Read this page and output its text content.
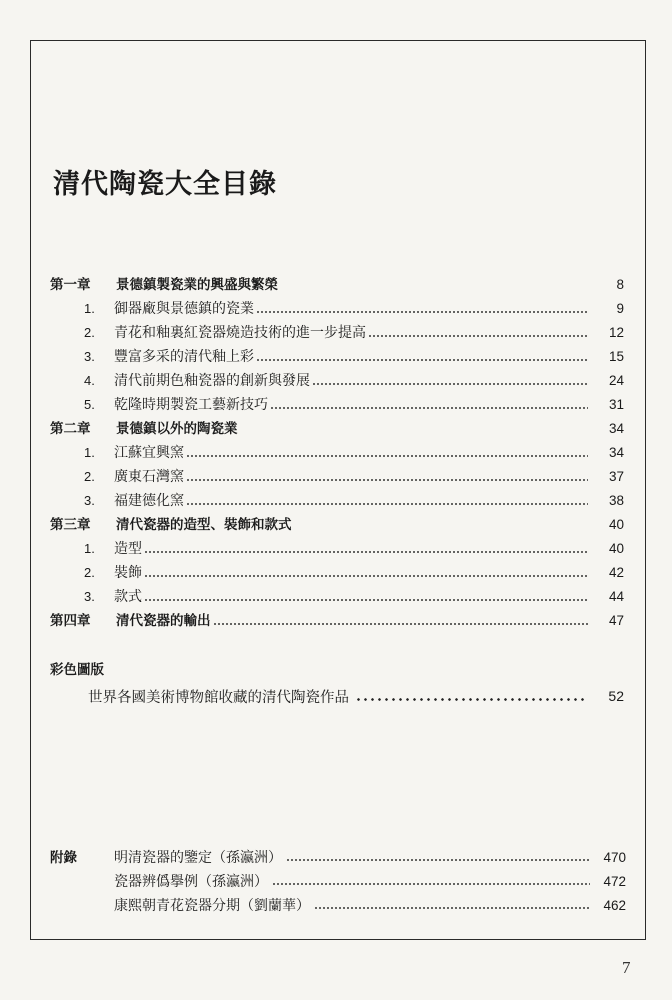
清代陶瓷大全目錄
第一章	景德鎮製瓷業的興盛與繁榮	8
1.	御器廠與景德鎮的瓷業	9
2.	青花和釉裏紅瓷器燒造技術的進一步提高	12
3.	豐富多采的清代釉上彩	15
4.	清代前期色釉瓷器的創新與發展	24
5.	乾隆時期製瓷工藝新技巧	31
第二章	景德鎮以外的陶瓷業	34
1.	江蘇宜興窯	34
2.	廣東石灣窯	37
3.	福建德化窯	38
第三章	清代瓷器的造型、裝飾和款式	40
1.	造型	40
2.	裝飾	42
3.	款式	44
第四章	清代瓷器的輸出	47
彩色圖版
世界各國美術博物館收藏的清代陶瓷作品	52
附錄	明清瓷器的鑒定（孫瀛洲）	470
瓷器辨僞擧例（孫瀛洲）	472
康熙朝青花瓷器分期（劉蘭華）	462
7
